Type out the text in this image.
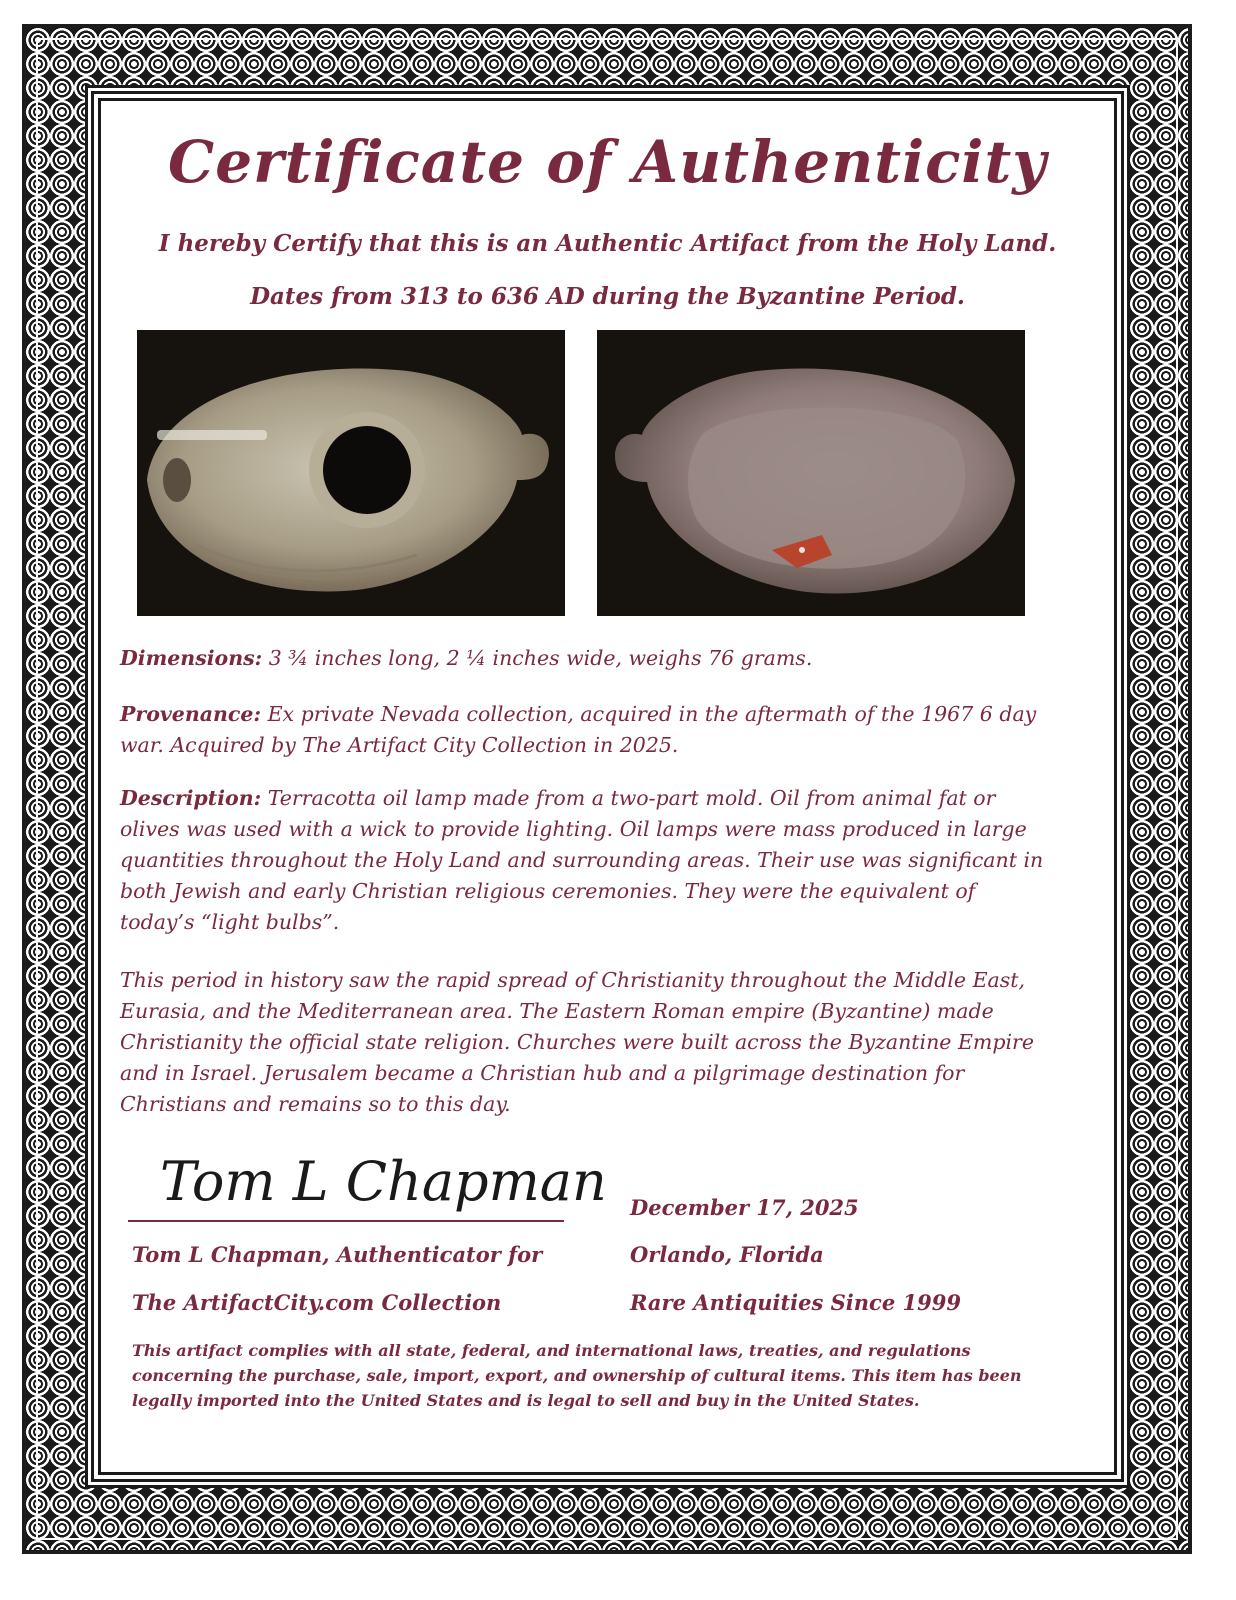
Certificate of Authenticity
I hereby Certify that this is an Authentic Artifact from the Holy Land.
Dates from 313 to 636 AD during the Byzantine Period.
Dimensions: 3 ¾ inches long, 2 ¼ inches wide, weighs 76 grams.
Provenance: Ex private Nevada collection, acquired in the aftermath of the 1967 6 day war. Acquired by The Artifact City Collection in 2025.
Description: Terracotta oil lamp made from a two-part mold. Oil from animal fat or olives was used with a wick to provide lighting. Oil lamps were mass produced in large quantities throughout the Holy Land and surrounding areas. Their use was significant in both Jewish and early Christian religious ceremonies. They were the equivalent of today’s “light bulbs”.
This period in history saw the rapid spread of Christianity throughout the Middle East, Eurasia, and the Mediterranean area. The Eastern Roman empire (Byzantine) made Christianity the official state religion. Churches were built across the Byzantine Empire and in Israel. Jerusalem became a Christian hub and a pilgrimage destination for Christians and remains so to this day.
Tom L Chapman
Tom L Chapman, Authenticator for
The ArtifactCity.com Collection
December 17, 2025
Orlando, Florida
Rare Antiquities Since 1999
This artifact complies with all state, federal, and international laws, treaties, and regulations concerning the purchase, sale, import, export, and ownership of cultural items. This item has been legally imported into the United States and is legal to sell and buy in the United States.
